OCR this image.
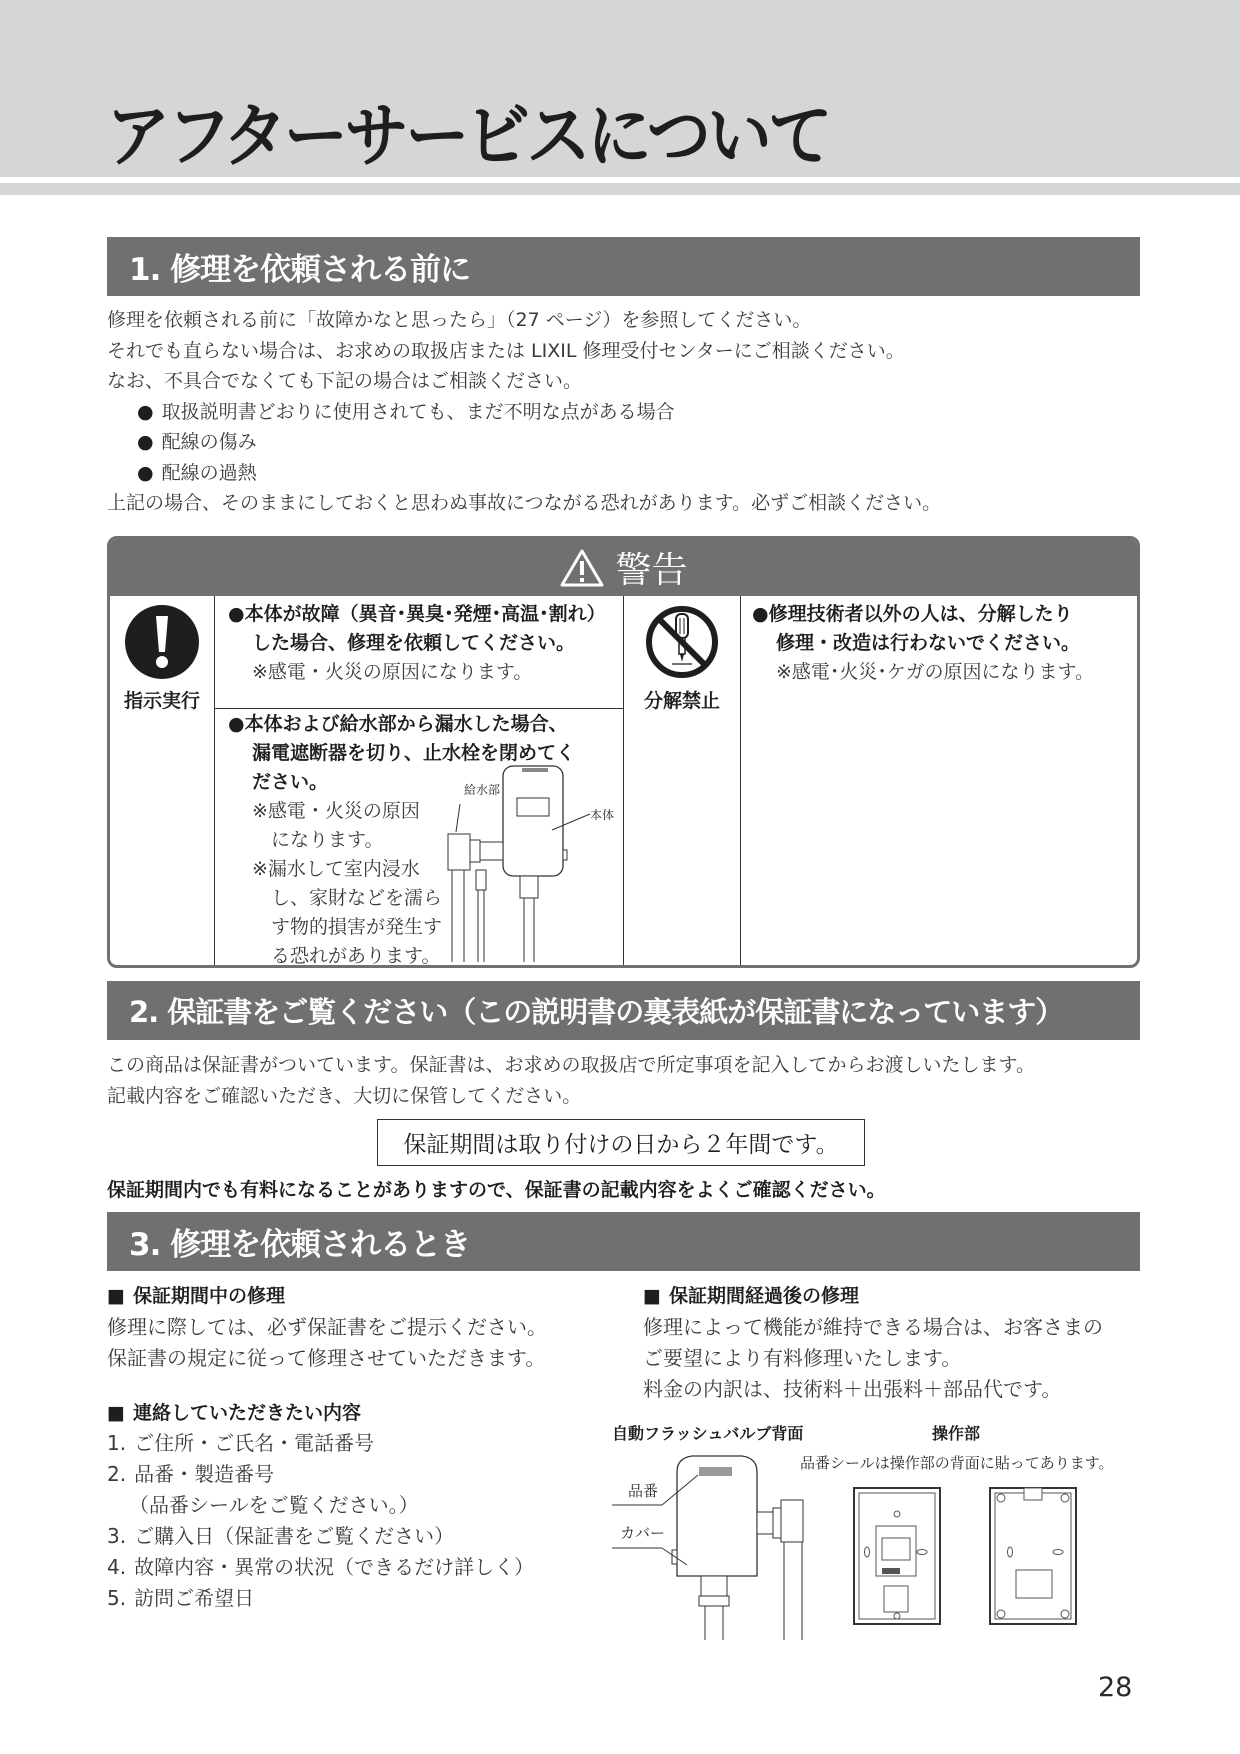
アフターサービスについて
1. 修理を依頼される前に
修理を依頼される前に「故障かなと思ったら」（27 ページ）を参照してください。
それでも直らない場合は、お求めの取扱店または LIXIL 修理受付センターにご相談ください。
なお、不具合でなくても下記の場合はご相談ください。
● 取扱説明書どおりに使用されても、まだ不明な点がある場合
● 配線の傷み
● 配線の過熱
上記の場合、そのままにしておくと思わぬ事故につながる恐れがあります。必ずご相談ください。
警告
指示実行
●本体が故障（異音･異臭･発煙･高温･割れ）
した場合、修理を依頼してください。
※感電・火災の原因になります。
●本体および給水部から漏水した場合、
漏電遮断器を切り、止水栓を閉めてく
ださい。
※感電・火災の原因
　になります。
※漏水して室内浸水
　し、家財などを濡ら
　す物的損害が発生す
　る恐れがあります。
給水部
本体
分解禁止
●修理技術者以外の人は、分解したり
修理・改造は行わないでください。
※感電･火災･ケガの原因になります。
2. 保証書をご覧ください（この説明書の裏表紙が保証書になっています）
この商品は保証書がついています。保証書は、お求めの取扱店で所定事項を記入してからお渡しいたします。
記載内容をご確認いただき、大切に保管してください。
保証期間は取り付けの日から２年間です。
保証期間内でも有料になることがありますので、保証書の記載内容をよくご確認ください。
3. 修理を依頼されるとき
■ 保証期間中の修理
修理に際しては、必ず保証書をご提示ください。
保証書の規定に従って修理させていただきます。
■ 連絡していただきたい内容
1. ご住所・ご氏名・電話番号
2. 品番・製造番号
（品番シールをご覧ください。）
3. ご購入日（保証書をご覧ください）
4. 故障内容・異常の状況（できるだけ詳しく）
5. 訪問ご希望日
■ 保証期間経過後の修理
修理によって機能が維持できる場合は、お客さまの
ご要望により有料修理いたします。
料金の内訳は、技術料＋出張料＋部品代です。
自動フラッシュバルブ背面	操作部
品番シールは操作部の背面に貼ってあります。
品番
カバー
28
